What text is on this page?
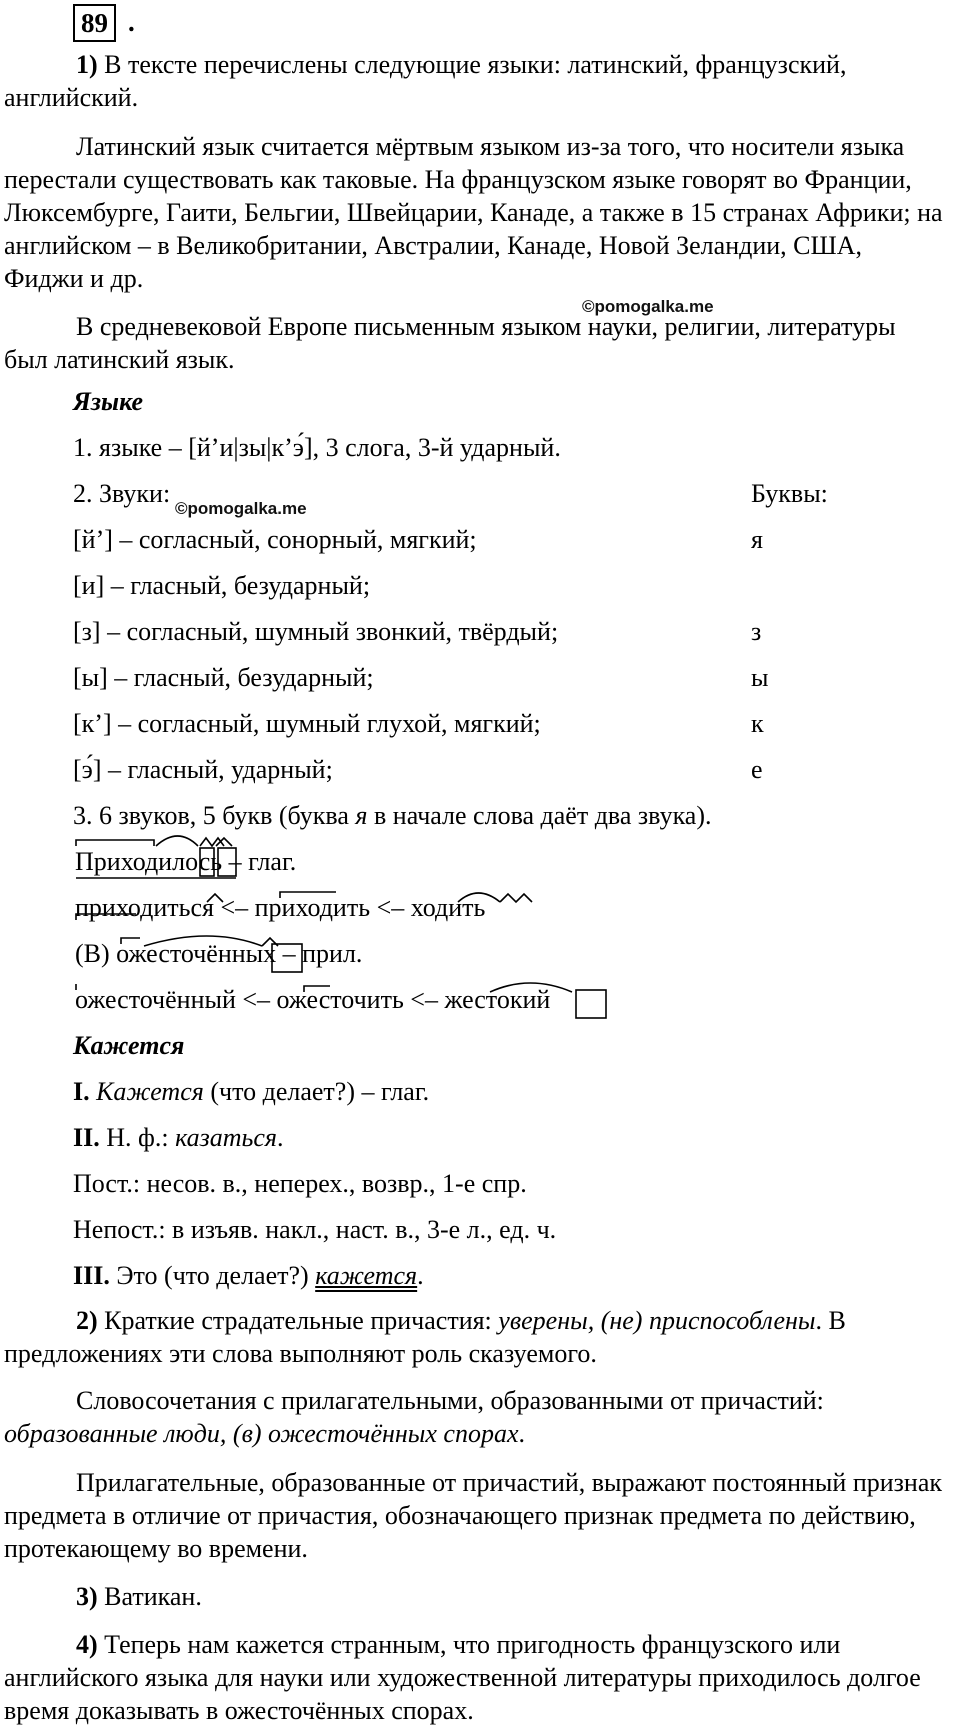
89 .

1) В тексте перечислены следующие языки: латинский, французский, английский.

Латинский язык считается мёртвым языком из-за того, что носители языка перестали существовать как таковые. На французском языке говорят во Франции, Люксембурге, Гаити, Бельгии, Швейцарии, Канаде, а также в 15 странах Африки; на английском – в Великобритании, Австралии, Канаде, Новой Зеландии, США, Фиджи и др.

©pomogalka.me

В средневековой Европе письменным языком науки, религии, литературы был латинский язык.

Языке
1. языке – [й’и|зы|к’э́], 3 слога, 3-й ударный.
2. Звуки:	Буквы:
©pomogalka.me
[й’] – согласный, сонорный, мягкий;	я
[и] – гласный, безударный;
[з] – согласный, шумный звонкий, твёрдый;	з
[ы] – гласный, безударный;	ы
[к’] – согласный, шумный глухой, мягкий;	к
[э́] – гласный, ударный;	е
3. 6 звуков, 5 букв (буква я в начале слова даёт два звука).
Приходилось – глаг.
приходиться <– приходить <– ходить
(В) ожесточённых – прил.
ожесточённый <– ожесточить <– жестокий
Кажется
I. Кажется (что делает?) – глаг.
II. Н. ф.: казаться.
Пост.: несов. в., неперех., возвр., 1-е спр.
Непост.: в изъяв. накл., наст. в., 3-е л., ед. ч.
III. Это (что делает?) кажется.

2) Краткие страдательные причастия: уверены, (не) приспособлены. В предложениях эти слова выполняют роль сказуемого.

Словосочетания с прилагательными, образованными от причастий: образованные люди, (в) ожесточённых спорах.

Прилагательные, образованные от причастий, выражают постоянный признак предмета в отличие от причастия, обозначающего признак предмета по действию, протекающему во времени.

3) Ватикан.

4) Теперь нам кажется странным, что пригодность французского или английского языка для науки или художественной литературы приходилось долгое время доказывать в ожесточённых спорах.
